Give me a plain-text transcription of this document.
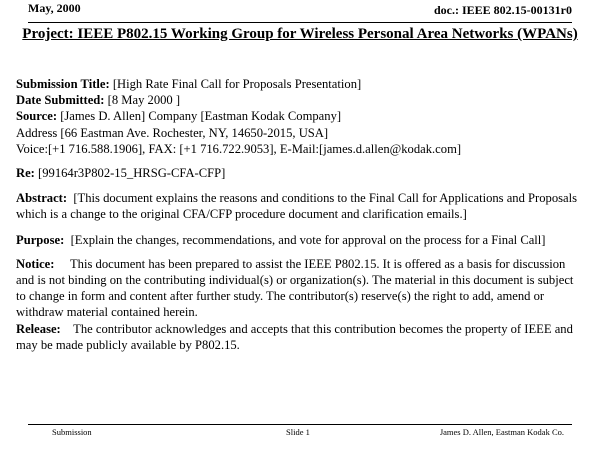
May, 2000	doc.: IEEE 802.15-00131r0
Project: IEEE P802.15 Working Group for Wireless Personal Area Networks (WPANs)

Submission Title: [High Rate Final Call for Proposals Presentation]

Date Submitted: [8 May 2000 ]

Source: [James D. Allen] Company [Eastman Kodak Company]

Address [66 Eastman Ave. Rochester, NY, 14650-2015, USA]

Voice:[+1 716.588.1906], FAX: [+1 716.722.9053], E-Mail:[james.d.allen@kodak.com]

Re: [99164r3P802-15_HRSG-CFA-CFP]

Abstract: [This document explains the reasons and conditions to the Final Call for Applications and Proposals which is a change to the original CFA/CFP procedure document and clarification emails.]

Purpose: [Explain the changes, recommendations, and vote for approval on the process for a Final Call]

Notice: This document has been prepared to assist the IEEE P802.15. It is offered as a basis for discussion and is not binding on the contributing individual(s) or organization(s). The material in this document is subject to change in form and content after further study. The contributor(s) reserve(s) the right to add, amend or withdraw material contained herein.

Release: The contributor acknowledges and accepts that this contribution becomes the property of IEEE and may be made publicly available by P802.15.

Submission	Slide 1	James D. Allen, Eastman Kodak Co.
